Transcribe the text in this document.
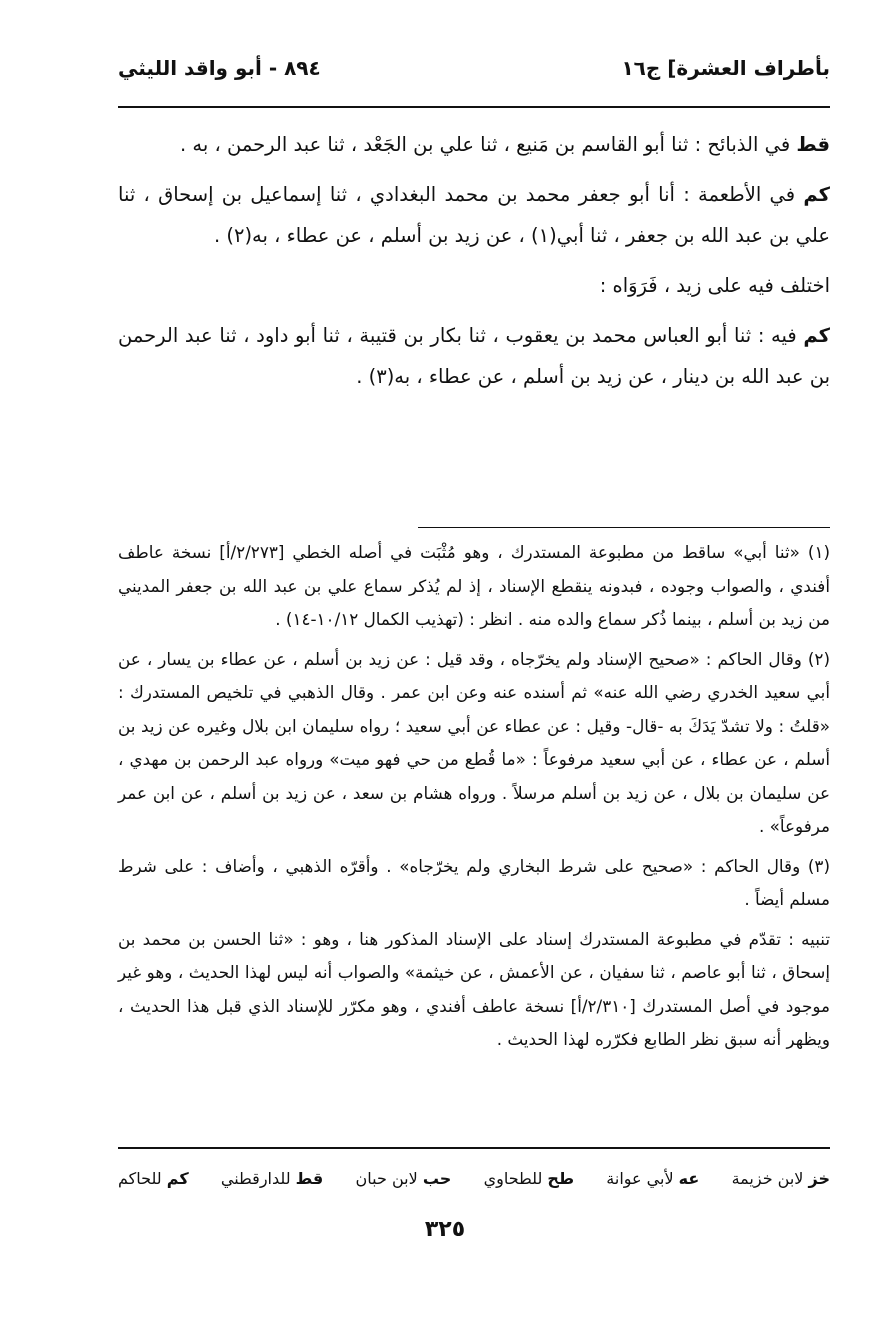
بأطراف العشرة] ج١٦
٨٩٤ - أبو واقد الليثي

قط في الذبائح : ثنا أبو القاسم بن مَنيع ، ثنا علي بن الجَعْد ، ثنا عبد الرحمن ، به .

كم في الأطعمة : أنا أبو جعفر محمد بن محمد البغدادي ، ثنا إسماعيل بن إسحاق ، ثنا علي بن عبد الله بن جعفر ، ثنا أبي(١) ، عن زيد بن أسلم ، عن عطاء ، به(٢) .

اختلف فيه على زيد ، فَرَوَاه :

كم فيه : ثنا أبو العباس محمد بن يعقوب ، ثنا بكار بن قتيبة ، ثنا أبو داود ، ثنا عبد الرحمن بن عبد الله بن دينار ، عن زيد بن أسلم ، عن عطاء ، به(٣) .

(١) «ثنا أبي» ساقط من مطبوعة المستدرك ، وهو مُثْبَت في أصله الخطي [٢/٢٧٣/أ] نسخة عاطف أفندي ، والصواب وجوده ، فبدونه ينقطع الإسناد ، إذ لم يُذكر سماع علي بن عبد الله بن جعفر المديني من زيد بن أسلم ، بينما ذُكر سماع والده منه . انظر : (تهذيب الكمال ١٠/١٢-١٤) .

(٢) وقال الحاكم : «صحيح الإسناد ولم يخرّجاه ، وقد قيل : عن زيد بن أسلم ، عن عطاء بن يسار ، عن أبي سعيد الخدري رضي الله عنه» ثم أسنده عنه وعن ابن عمر . وقال الذهبي في تلخيص المستدرك : «قلتُ : ولا تشدّ يَدَكَ به -قال- وقيل : عن عطاء عن أبي سعيد ؛ رواه سليمان ابن بلال وغيره عن زيد بن أسلم ، عن عطاء ، عن أبي سعيد مرفوعاً : «ما قُطع من حي فهو ميت» ورواه عبد الرحمن بن مهدي ، عن سليمان بن بلال ، عن زيد بن أسلم مرسلاً . ورواه هشام بن سعد ، عن زيد بن أسلم ، عن ابن عمر مرفوعاً» .

(٣) وقال الحاكم : «صحيح على شرط البخاري ولم يخرّجاه» . وأقرّه الذهبي ، وأضاف : على شرط مسلم أيضاً .

تنبيه : تقدّم في مطبوعة المستدرك إسناد على الإسناد المذكور هنا ، وهو : «ثنا الحسن بن محمد بن إسحاق ، ثنا أبو عاصم ، ثنا سفيان ، عن الأعمش ، عن خيثمة» والصواب أنه ليس لهذا الحديث ، وهو غير موجود في أصل المستدرك [٢/٣١٠/أ] نسخة عاطف أفندي ، وهو مكرّر للإسناد الذي قبل هذا الحديث ، ويظهر أنه سبق نظر الطابع فكرّره لهذا الحديث .

خز لابن خزيمة
عه لأبي عوانة
طح للطحاوي
حب لابن حبان
قط للدارقطني
كم للحاكم
٣٢٥
